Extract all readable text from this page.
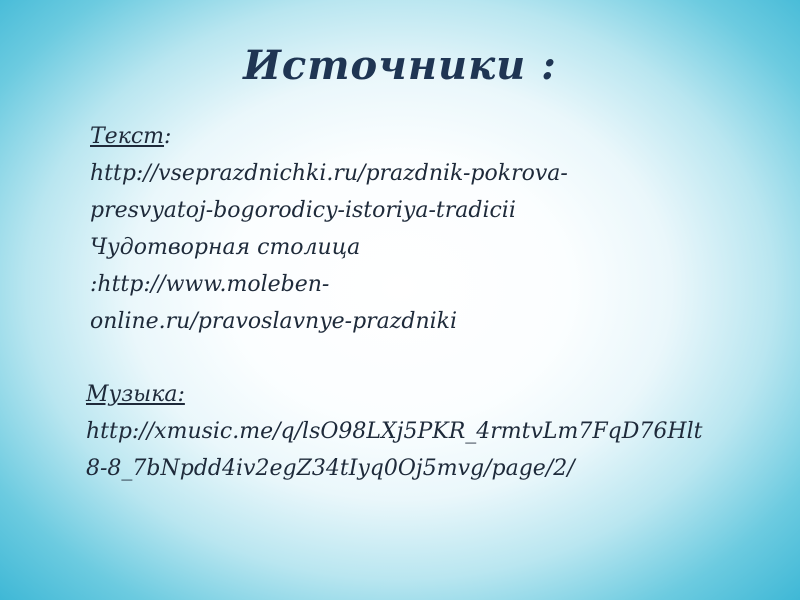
Источники :
Текст:
http://vseprazdnichki.ru/prazdnik-pokrova-
presvyatoj-bogorodicy-istoriya-tradicii
Чудотворная столица
:http://www.moleben-
online.ru/pravoslavnye-prazdniki
Музыка:
http://xmusic.me/q/lsO98LXj5PKR_4rmtvLm7FqD76Hlt
8-8_7bNpdd4iv2egZ34tIyq0Oj5mvg/page/2/
